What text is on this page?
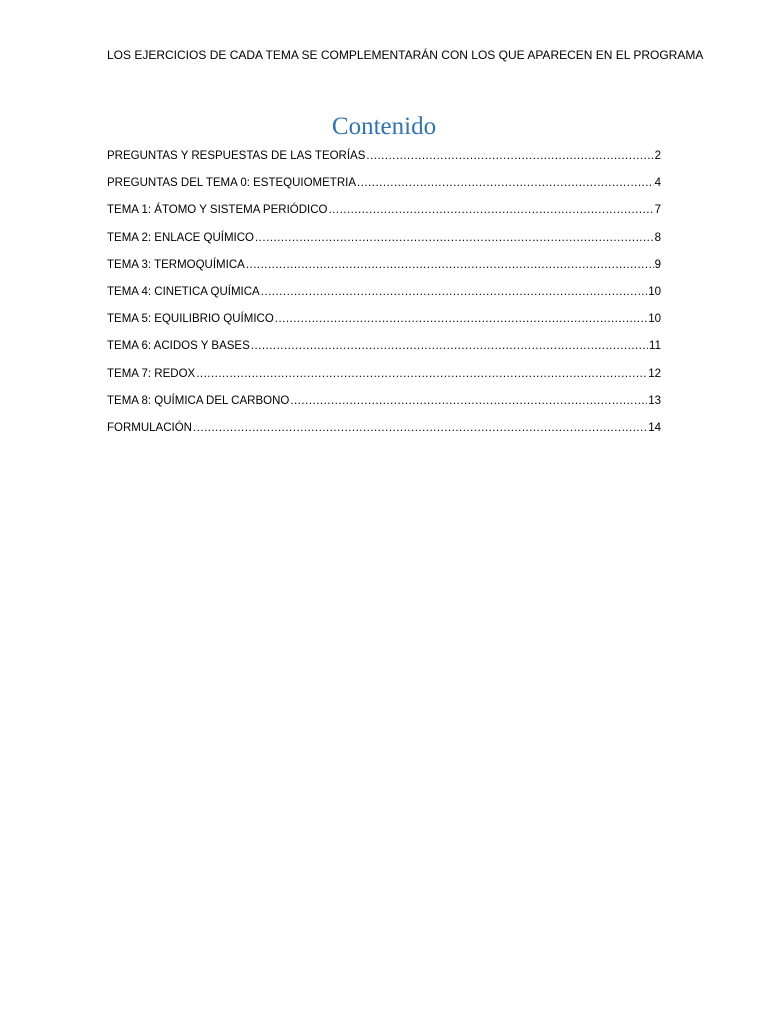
LOS EJERCICIOS DE CADA TEMA SE COMPLEMENTARÁN CON LOS QUE APARECEN EN EL PROGRAMA
Contenido
PREGUNTAS Y RESPUESTAS DE LAS TEORÍAS .....	2
PREGUNTAS DEL TEMA 0: ESTEQUIOMETRIA .....	4
TEMA 1: ÁTOMO Y SISTEMA PERIÓDICO .....	7
TEMA 2: ENLACE QUÍMICO .....	8
TEMA 3: TERMOQUÍMICA .....	9
TEMA 4: CINETICA QUÍMICA .....	10
TEMA 5: EQUILIBRIO QUÍMICO .....	10
TEMA 6: ACIDOS Y BASES .....	11
TEMA 7: REDOX .....	12
TEMA 8: QUÍMICA DEL CARBONO .....	13
FORMULACIÓN .....	14
